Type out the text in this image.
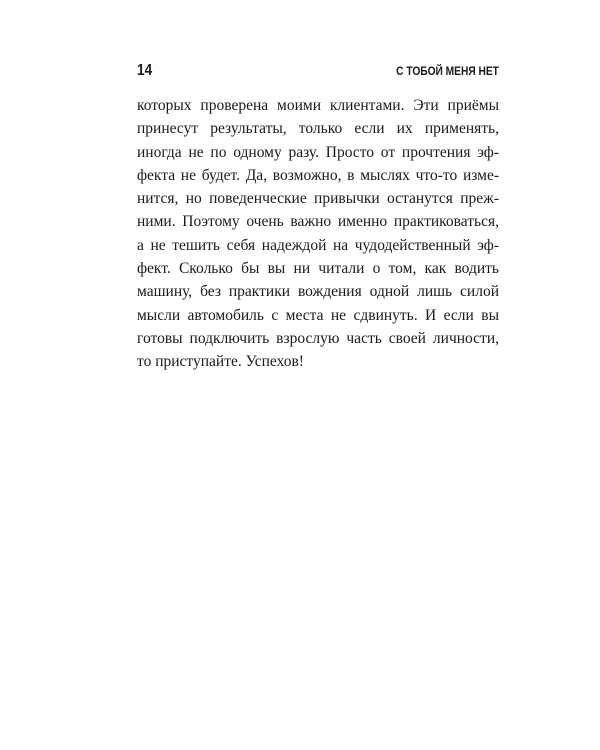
14	С ТОБОЙ МЕНЯ НЕТ
которых проверена моими клиентами. Эти приёмы
принесут результаты, только если их применять,
иногда не по одному разу. Просто от прочтения эф-
фекта не будет. Да, возможно, в мыслях что-то изме-
нится, но поведенческие привычки останутся преж-
ними. Поэтому очень важно именно практиковаться,
а не тешить себя надеждой на чудодейственный эф-
фект. Сколько бы вы ни читали о том, как водить
машину, без практики вождения одной лишь силой
мысли автомобиль с места не сдвинуть. И если вы
готовы подключить взрослую часть своей личности,
то приступайте. Успехов!
